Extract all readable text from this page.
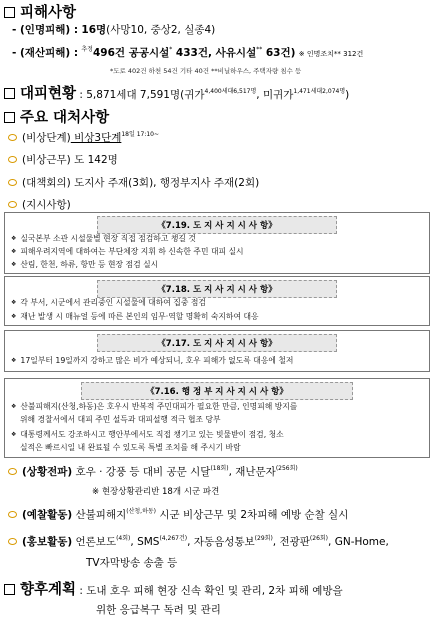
피해사항
- (인명피해) : 16명(사망10, 중상2, 실종4)
- (재산피해) : $^{추정}$496건 공공시설* 433건, 사유시설** 63건) ※ 인명조치** 312건
*도로 402건 하천 54건 기타 40건 **비닐하우스, 주택자량 침수 등
대피현황 : 5,871세대 7,591명(귀가$^{4,400세대6,517명}$, 미귀가$^{1,471세대2,074명}$)
주요 대처사항
(비상단계) 비상3단계$^{18일 17:10\sim}$
(비상근무) 도 142명
(대책회의) 도지사 주재(3회), 행정부지사 주재(2회)
(지시사항)
《7.19. 도 지 사 지 시 사 항》
❖ 실국본부 소관 시설물별 현장 직접 점검하고 챙길 것
❖ 피해우려지역에 대하여는 부단체장 지휘 하 신속한 주민 대피 실시
❖ 산림, 한천, 하류, 항만 등 현장 점검 실시
《7.18. 도 지 사 지 시 사 항》
❖ 각 부서, 시군에서 관리중인 시설물에 대하여 집중 점검
❖ 재난 발생 시 매뉴얼 등에 따른 본인의 임무·역할 명확히 숙지하여 대응
《7.17. 도 지 사 지 시 사 항》
❖ 17일부터 19일까지 강하고 많은 비가 예상되니, 호우 피해가 없도록 대응에 철저
《7.16. 행 정 부 지 사 지 시 사 항》
❖ 산불피해지(산청,하동)은 호우시 반복적 주민대피가 필요한 만큼, 인명피해 방지를
위해 경찰서에서 대피 주민 설득과 대피설행 적극 협조 당부
❖ 대통령께서도 강조하시고 행안부에서도 직접 챙기고 있는 빗물받이 점검, 청소
실적은 빠르시일 내 완료될 수 있도록 특별 조치를 해 주시기 바람
(상황전파) 호우 · 강풍 등 대비 공문 시달$^{(18회)}$, 재난문자$^{(256회)}$
※ 현장상황관리반 18개 시군 파견
(예찰활동) 산불피해지$^{(산청,하동)}$ 시군 비상근무 및 2차피해 예방 순찰 실시
(홍보활동) 언론보도$^{(4회)}$, $SMS^{(4,267건)}$, 자동음성통보$^{(29회)}$, 전광판$^{(26회)}$, GN-Home,
TV자막방송 송출 등
향후계획 : 도내 호우 피해 현장 신속 확인 및 관리, 2차 피해 예방을
위한 응급복구 독려 및 관리
